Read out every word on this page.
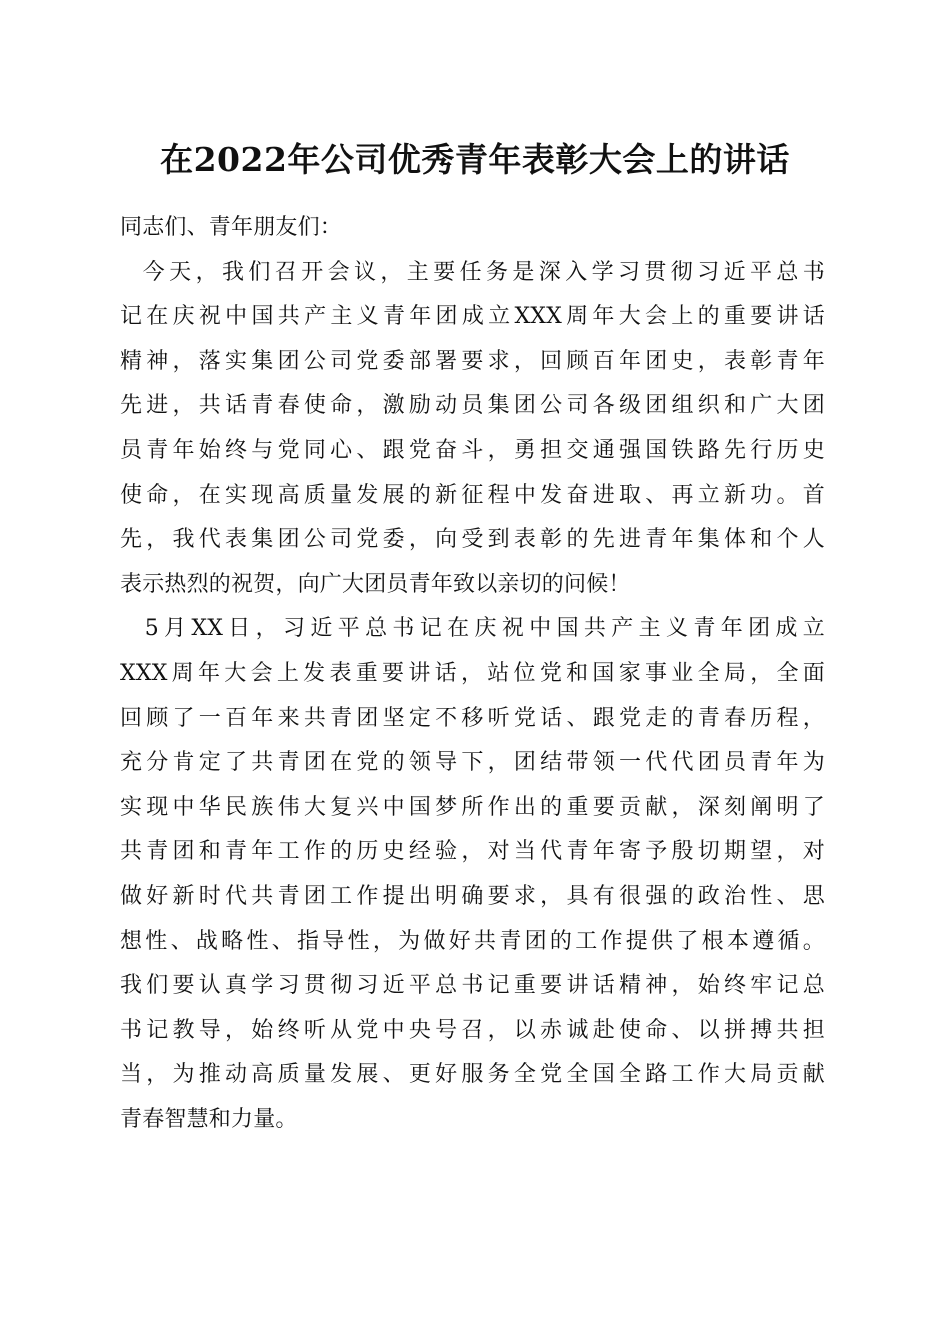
在2022年公司优秀青年表彰大会上的讲话
同志们、青年朋友们：
今天，我们召开会议，主要任务是深入学习贯彻习近平总书
记在庆祝中国共产主义青年团成立XXX周年大会上的重要讲话
精神，落实集团公司党委部署要求，回顾百年团史，表彰青年
先进，共话青春使命，激励动员集团公司各级团组织和广大团
员青年始终与党同心、跟党奋斗，勇担交通强国铁路先行历史
使命，在实现高质量发展的新征程中发奋进取、再立新功。首
先，我代表集团公司党委，向受到表彰的先进青年集体和个人
表示热烈的祝贺，向广大团员青年致以亲切的问候！
5月XX日，习近平总书记在庆祝中国共产主义青年团成立
XXX周年大会上发表重要讲话，站位党和国家事业全局，全面
回顾了一百年来共青团坚定不移听党话、跟党走的青春历程，
充分肯定了共青团在党的领导下，团结带领一代代团员青年为
实现中华民族伟大复兴中国梦所作出的重要贡献，深刻阐明了
共青团和青年工作的历史经验，对当代青年寄予殷切期望，对
做好新时代共青团工作提出明确要求，具有很强的政治性、思
想性、战略性、指导性，为做好共青团的工作提供了根本遵循。
我们要认真学习贯彻习近平总书记重要讲话精神，始终牢记总
书记教导，始终听从党中央号召，以赤诚赴使命、以拼搏共担
当，为推动高质量发展、更好服务全党全国全路工作大局贡献
青春智慧和力量。
